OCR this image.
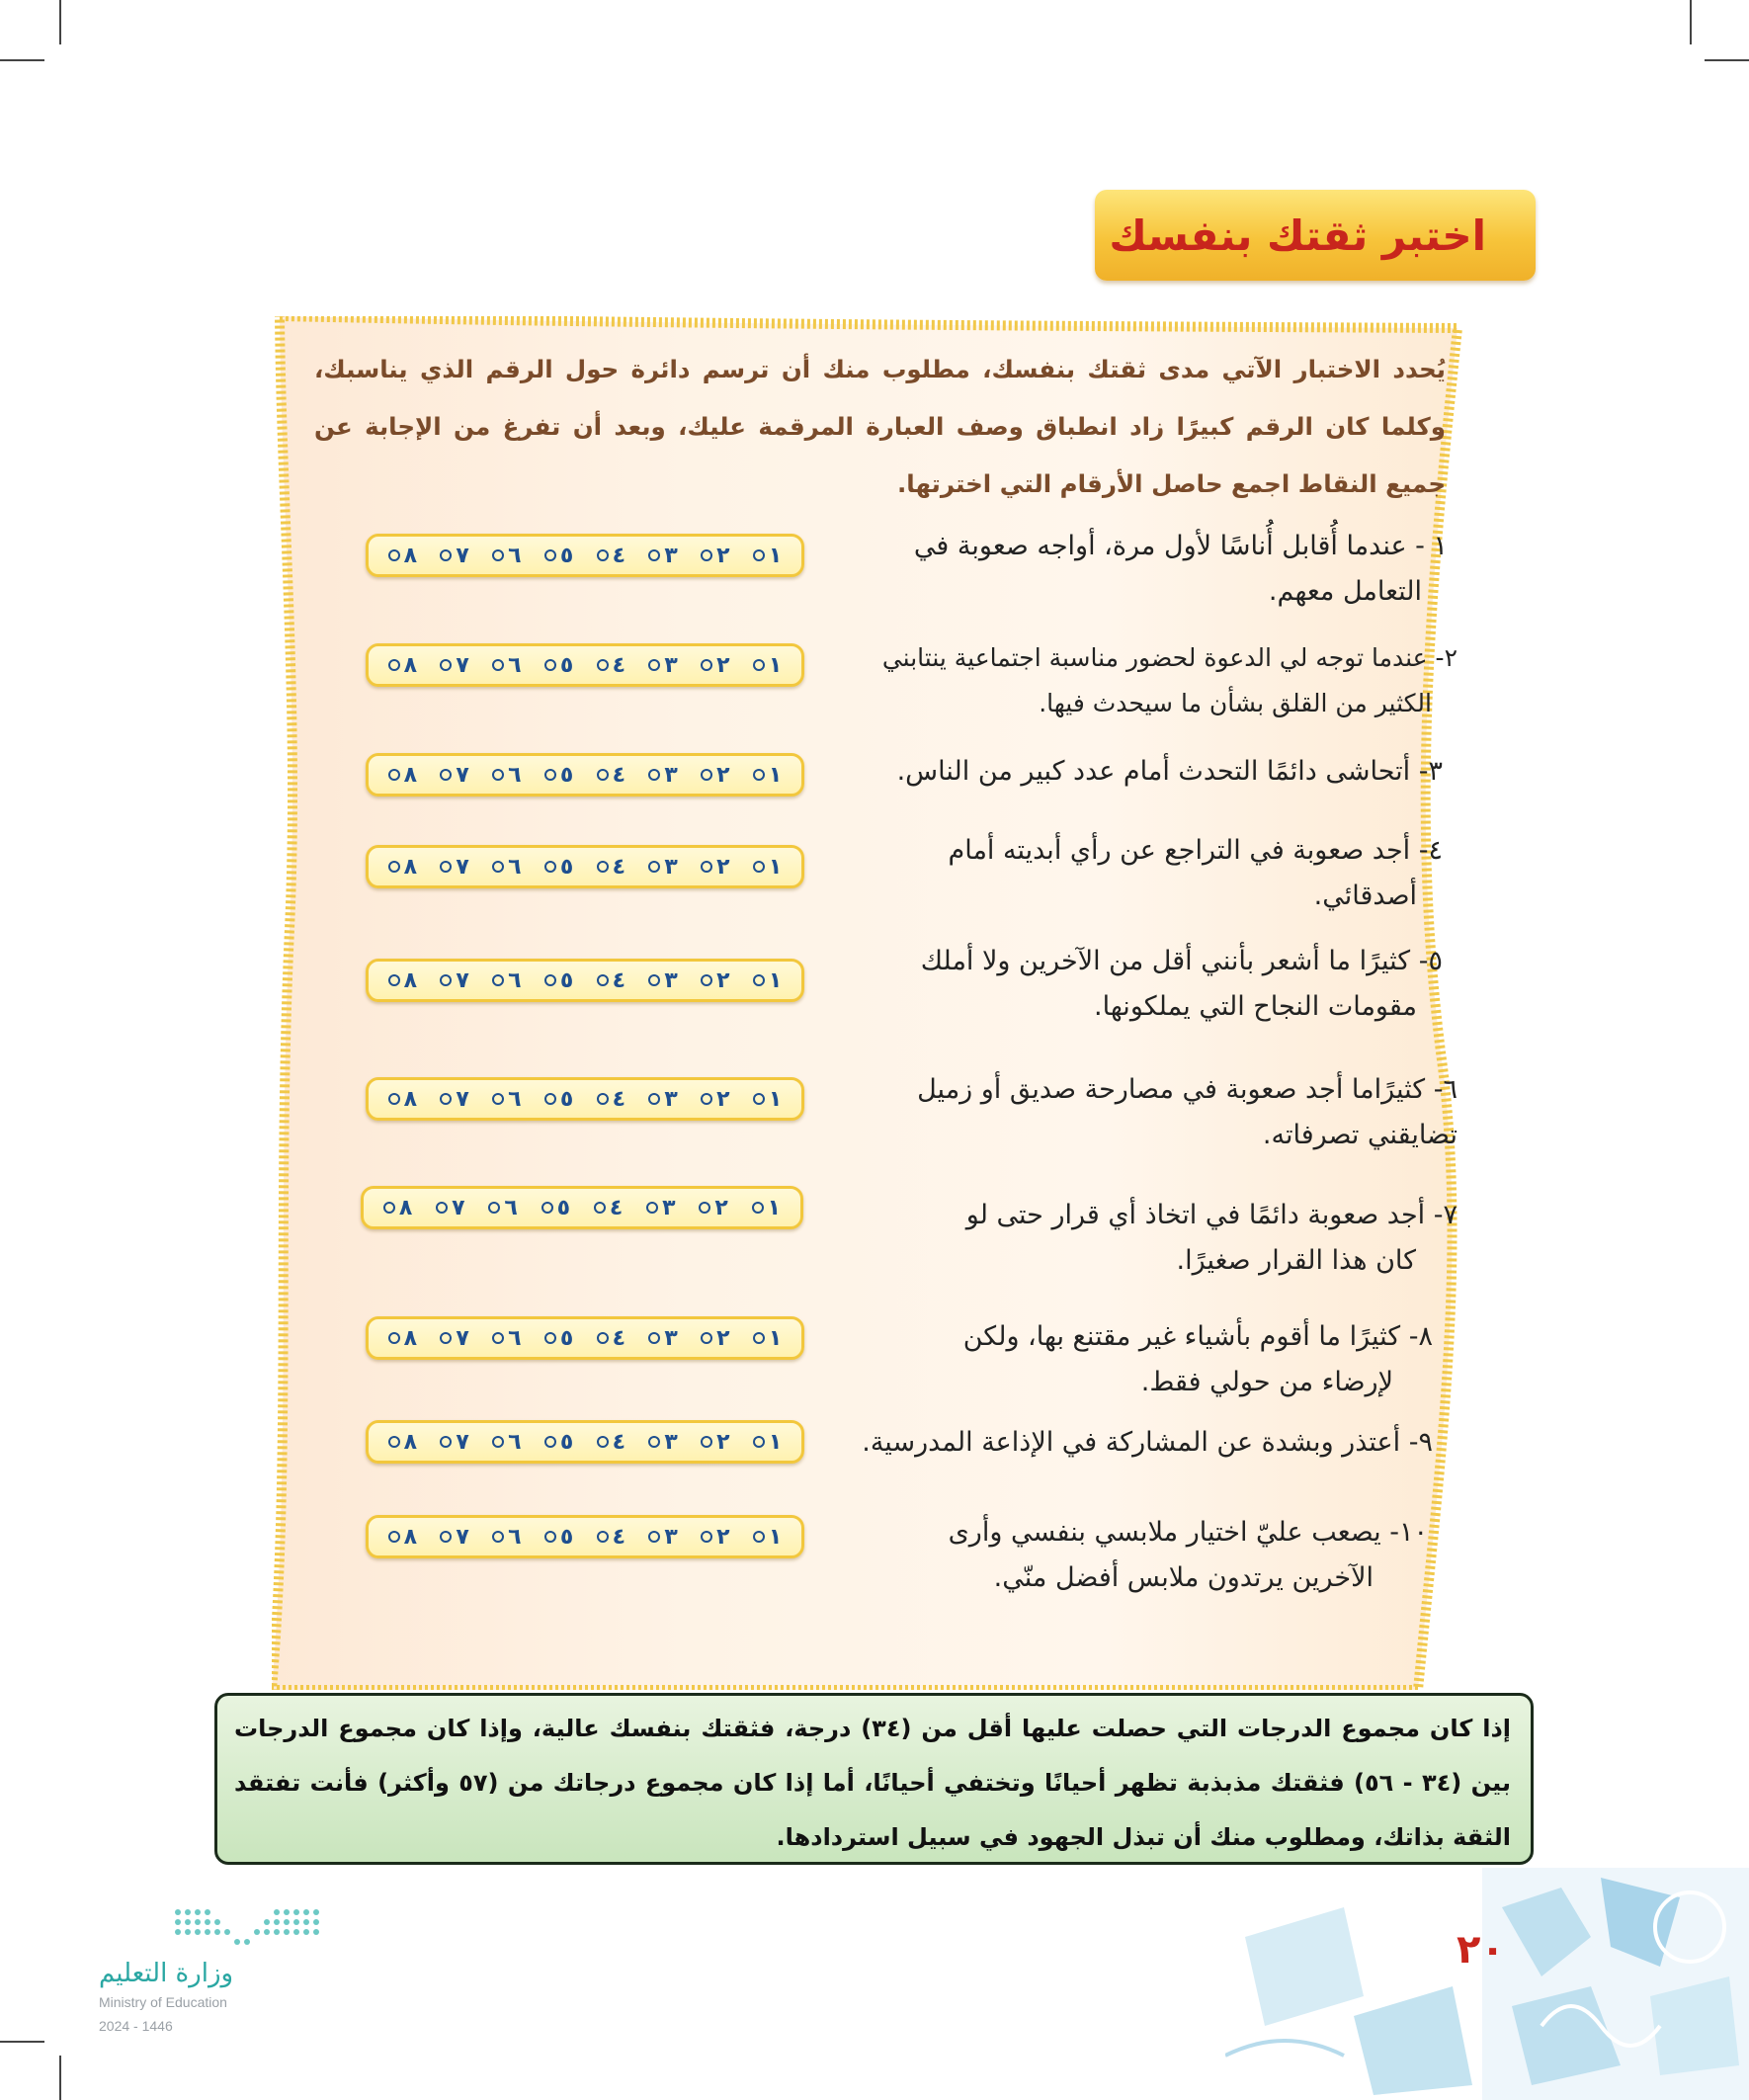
اختبر ثقتك بنفسك
يُحدد الاختبار الآتي مدى ثقتك بنفسك، مطلوب منك أن ترسم دائرة حول الرقم الذي يناسبك، وكلما كان الرقم كبيرًا زاد انطباق وصف العبارة المرقمة عليك، وبعد أن تفرغ من الإجابة عن جميع النقاط اجمع حاصل الأرقام التي اخترتها.
١ - عندما أُقابل أُناسًا لأول مرة، أواجه صعوبة في
التعامل معهم.
٢- عندما توجه لي الدعوة لحضور مناسبة اجتماعية ينتابني
الكثير من القلق بشأن ما سيحدث فيها.
٣- أتحاشى دائمًا التحدث أمام عدد كبير من الناس.
٤- أجد صعوبة في التراجع عن رأي أبديته أمام
أصدقائي.
٥- كثيرًا ما أشعر بأنني أقل من الآخرين ولا أملك
مقومات النجاح التي يملكونها.
٦- كثيرًاما أجد صعوبة في مصارحة صديق أو زميل
تضايقني تصرفاته.
٧- أجد صعوبة دائمًا في اتخاذ أي قرار حتى لو
كان هذا القرار صغيرًا.
٨- كثيرًا ما أقوم بأشياء غير مقتنع بها، ولكن
لإرضاء من حولي فقط.
٩- أعتذر وبشدة عن المشاركة في الإذاعة المدرسية.
١٠- يصعب عليّ اختيار ملابسي بنفسي وأرى
الآخرين يرتدون ملابس أفضل منّي.
١
٢
٣
٤
٥
٦
٧
٨
١
٢
٣
٤
٥
٦
٧
٨
١
٢
٣
٤
٥
٦
٧
٨
١
٢
٣
٤
٥
٦
٧
٨
١
٢
٣
٤
٥
٦
٧
٨
١
٢
٣
٤
٥
٦
٧
٨
١
٢
٣
٤
٥
٦
٧
٨
١
٢
٣
٤
٥
٦
٧
٨
١
٢
٣
٤
٥
٦
٧
٨
١
٢
٣
٤
٥
٦
٧
٨
إذا كان مجموع الدرجات التي حصلت عليها أقل من (٣٤) درجة، فثقتك بنفسك عالية، وإذا كان مجموع الدرجات بين (٣٤ - ٥٦) فثقتك مذبذبة تظهر أحيانًا وتختفي أحيانًا، أما إذا كان مجموع درجاتك من (٥٧ وأكثر) فأنت تفتقد الثقة بذاتك، ومطلوب منك أن تبذل الجهود في سبيل استردادها.
٢٠
وزارة التعليم
Ministry of Education
2024 - 1446
